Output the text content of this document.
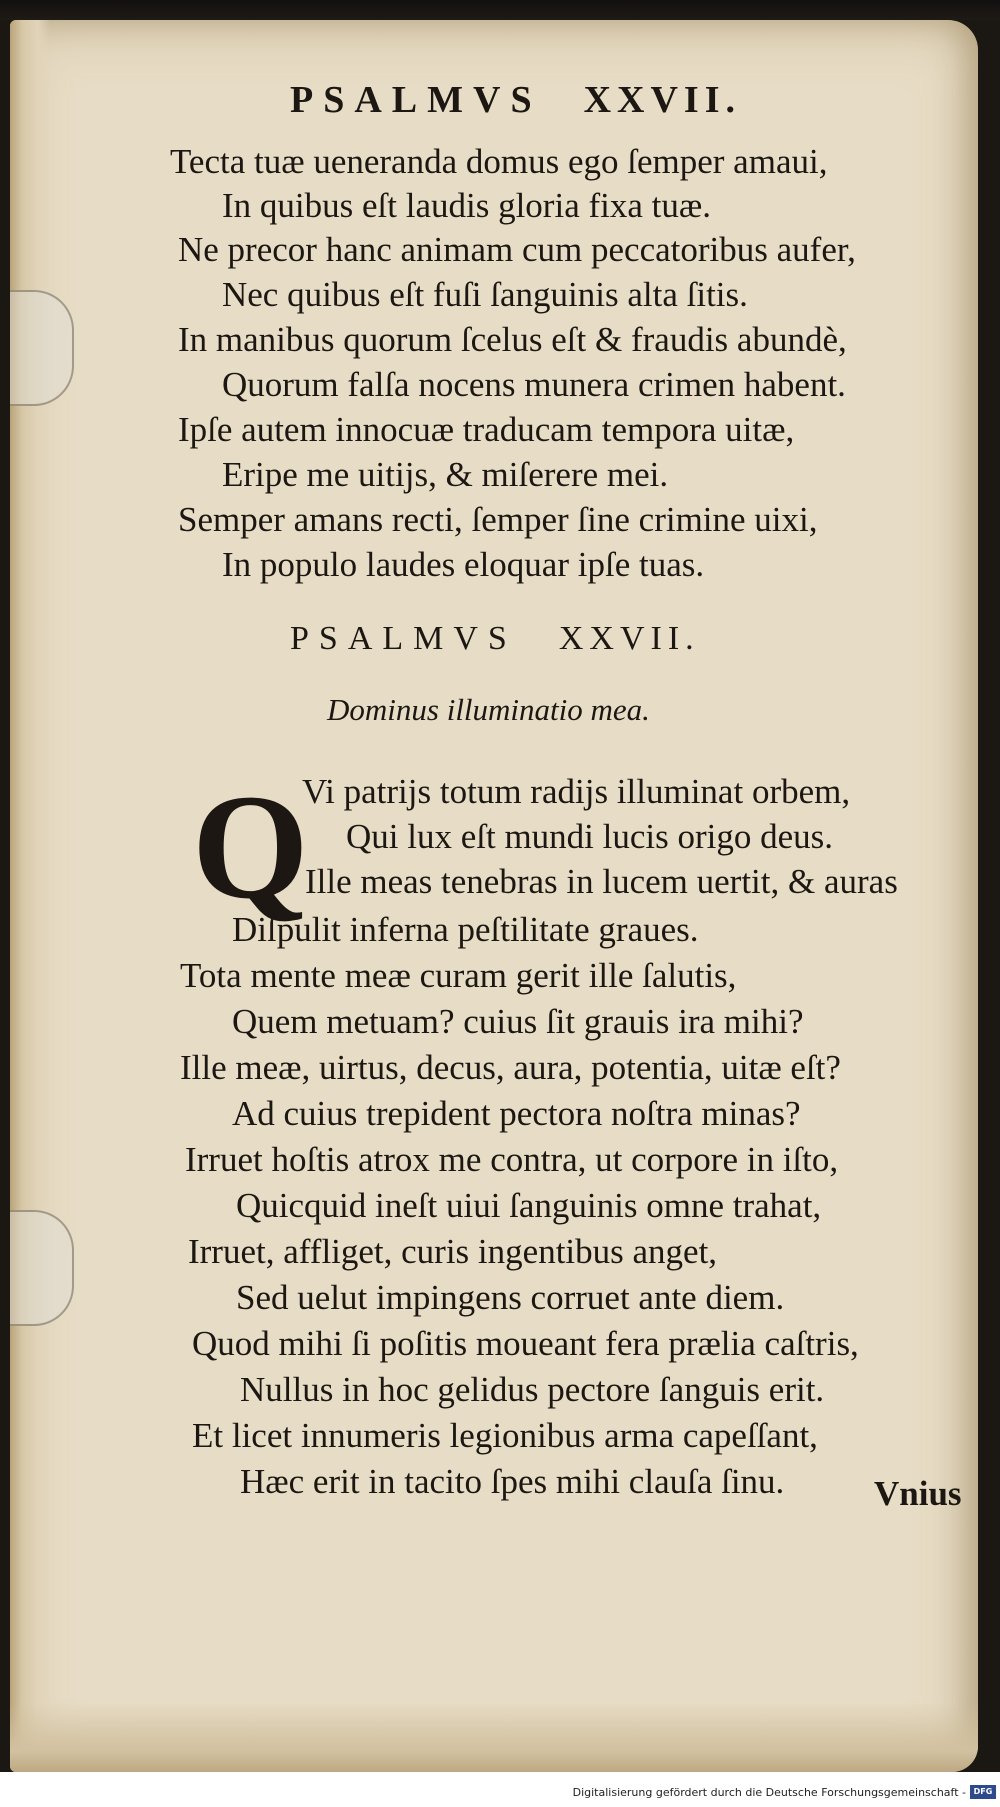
PSALMVS XXVII.
Tecta tuæ ueneranda domus ego ſemper amaui,
In quibus eſt laudis gloria fixa tuæ.
Ne precor hanc animam cum peccatoribus aufer,
Nec quibus eſt fuſi ſanguinis alta ſitis.
In manibus quorum ſcelus eſt & fraudis abundè,
Quorum falſa nocens munera crimen habent.
Ipſe autem innocuæ traducam tempora uitæ,
Eripe me uitijs, & miſerere mei.
Semper amans recti, ſemper ſine crimine uixi,
In populo laudes eloquar ipſe tuas.
PSALMVS XXVII.
Dominus illuminatio mea.
Q
Vi patrijs totum radijs illuminat orbem,
Qui lux eſt mundi lucis origo deus.
Ille meas tenebras in lucem uertit, & auras
Diſpulit inferna peſtilitate graues.
Tota mente meæ curam gerit ille ſalutis,
Quem metuam? cuius ſit grauis ira mihi?
Ille meæ, uirtus, decus, aura, potentia, uitæ eſt?
Ad cuius trepident pectora noſtra minas?
Irruet hoſtis atrox me contra, ut corpore in iſto,
Quicquid ineſt uiui ſanguinis omne trahat,
Irruet, affliget, curis ingentibus anget,
Sed uelut impingens corruet ante diem.
Quod mihi ſi poſitis moueant fera prælia caſtris,
Nullus in hoc gelidus pectore ſanguis erit.
Et licet innumeris legionibus arma capeſſant,
Hæc erit in tacito ſpes mihi clauſa ſinu.	Vnius
Digitalisierung gefördert durch die Deutsche Forschungsgemeinschaft - DFG
